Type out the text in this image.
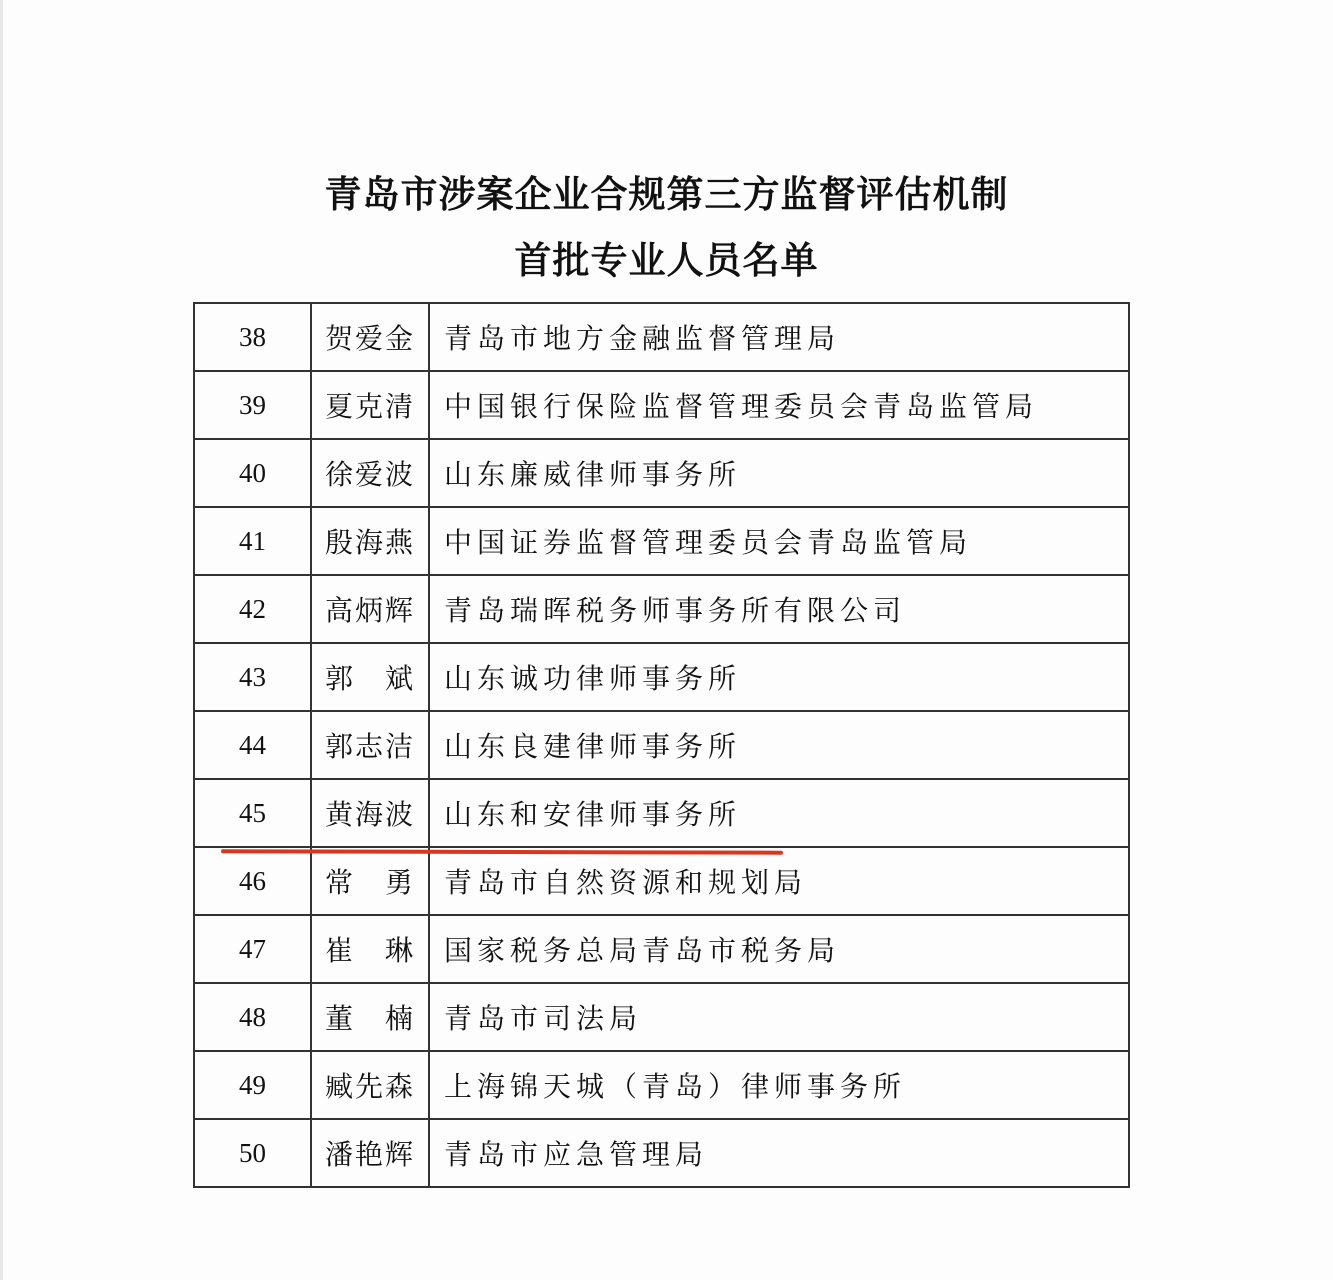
青岛市涉案企业合规第三方监督评估机制
首批专业人员名单
38	贺爱金	青岛市地方金融监督管理局
39	夏克清	中国银行保险监督管理委员会青岛监管局
40	徐爱波	山东廉威律师事务所
41	殷海燕	中国证券监督管理委员会青岛监管局
42	高炳辉	青岛瑞晖税务师事务所有限公司
43	郭　斌	山东诚功律师事务所
44	郭志洁	山东良建律师事务所
45	黄海波	山东和安律师事务所
46	常　勇	青岛市自然资源和规划局
47	崔　琳	国家税务总局青岛市税务局
48	董　楠	青岛市司法局
49	臧先森	上海锦天城（青岛）律师事务所
50	潘艳辉	青岛市应急管理局
